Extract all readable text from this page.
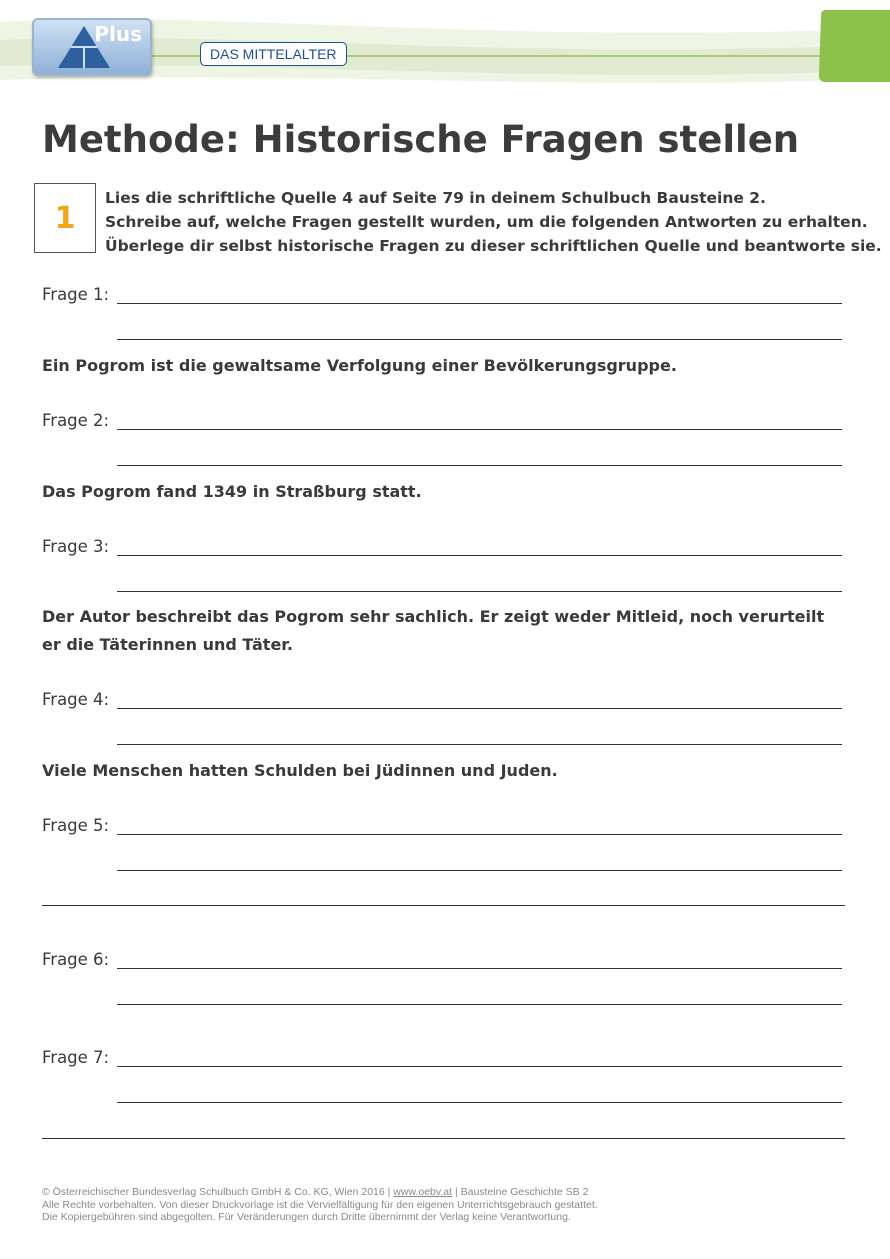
Plus
DAS MITTELALTER
Methode: Historische Fragen stellen
1
Lies die schriftliche Quelle 4 auf Seite 79 in deinem Schulbuch Bausteine 2.
Schreibe auf, welche Fragen gestellt wurden, um die folgenden Antworten zu erhalten.
Überlege dir selbst historische Fragen zu dieser schriftlichen Quelle und beantworte sie.
Frage 1:
Ein Pogrom ist die gewaltsame Verfolgung einer Bevölkerungsgruppe.
Frage 2:
Das Pogrom fand 1349 in Straßburg statt.
Frage 3:
Der Autor beschreibt das Pogrom sehr sachlich. Er zeigt weder Mitleid, noch verurteilt er die Täterinnen und Täter.
Frage 4:
Viele Menschen hatten Schulden bei Jüdinnen und Juden.
Frage 5:
Frage 6:
Frage 7:
© Österreichischer Bundesverlag Schulbuch GmbH & Co. KG, Wien 2016 | www.oebv.at | Bausteine Geschichte SB 2
Alle Rechte vorbehalten. Von dieser Druckvorlage ist die Vervielfältigung für den eigenen Unterrichtsgebrauch gestattet.
Die Kopiergebühren sind abgegolten. Für Veränderungen durch Dritte übernimmt der Verlag keine Verantwortung.
